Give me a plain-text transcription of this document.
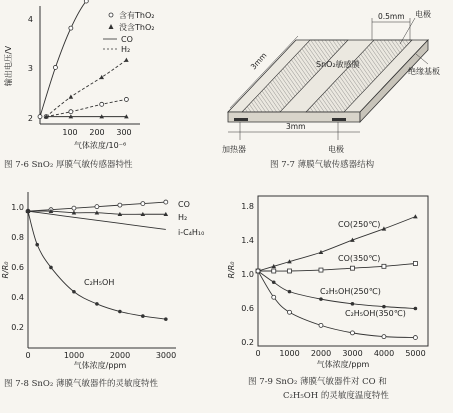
输出电压/V
气体浓度/10⁻⁶
4
3
2
100 200 300
含有ThO₂
没含ThO₂
CO
H₂
图 7-6 SnO₂ 厚膜气敏传感器特性
SnO₂敏感膜
0.5mm 电极
绝缘基板
3mm
3mm
加热器	电极
图 7-7 薄膜气敏传感器结构
R/R₀
气体浓度/ppm
1.0
0.8
0.6
0.4
0.2
0	1000	2000	3000
CO
H₂
i-C₄H₁₀
C₂H₅OH
图 7-8 SnO₂ 薄膜气敏器件的灵敏度特性
R/R₀
气体浓度/ppm
1.8
1.4
1.0
0.6
0.2
0 1000 2000 3000 4000 5000
CO(250℃)
CO(350℃)
C₂H₅OH(250℃)
C₂H₅OH(350℃)
图 7-9 SnO₂ 薄膜气敏器件对 CO 和
C₂H₅OH 的灵敏度温度特性
